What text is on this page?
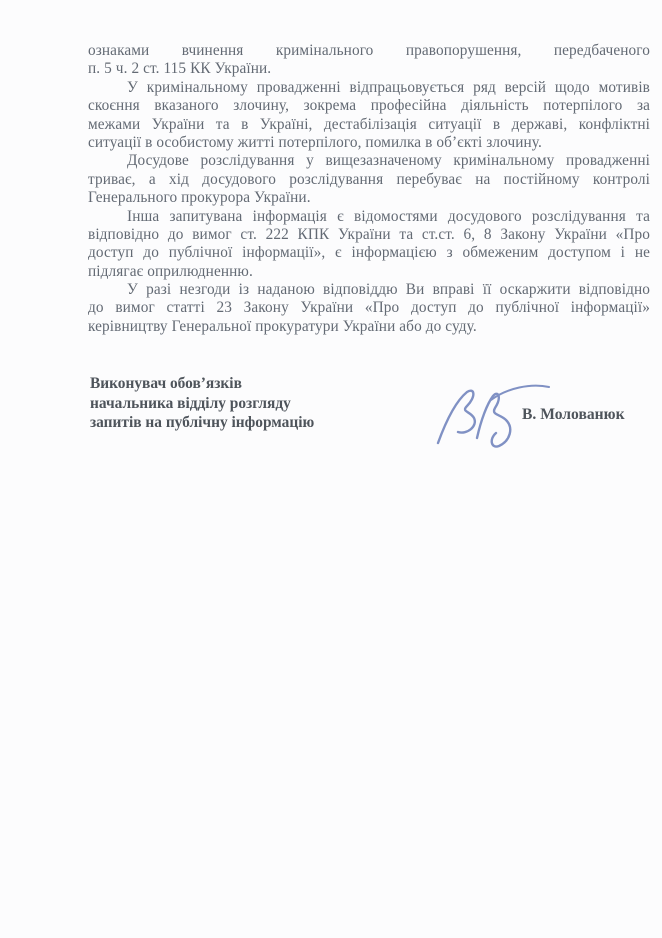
ознаками вчинення кримінального правопорушення, передбаченого
п. 5 ч. 2 ст. 115 КК України.
У кримінальному провадженні відпрацьовується ряд версій щодо мотивів
скоєння вказаного злочину, зокрема професійна діяльність потерпілого за
межами України та в Україні, дестабілізація ситуації в державі, конфліктні
ситуації в особистому житті потерпілого, помилка в об’єкті злочину.
Досудове розслідування у вищезазначеному кримінальному провадженні
триває, а хід досудового розслідування перебуває на постійному контролі
Генерального прокурора України.
Інша запитувана інформація є відомостями досудового розслідування та
відповідно до вимог ст. 222 КПК України та ст.ст. 6, 8 Закону України «Про
доступ до публічної інформації», є інформацією з обмеженим доступом і не
підлягає оприлюдненню.
У разі незгоди із наданою відповіддю Ви вправі її оскаржити відповідно
до вимог статті 23 Закону України «Про доступ до публічної інформації»
керівництву Генеральної прокуратури України або до суду.
Виконувач обов’язків
начальника відділу розгляду
запитів на публічну інформацію	В. Молованюк
